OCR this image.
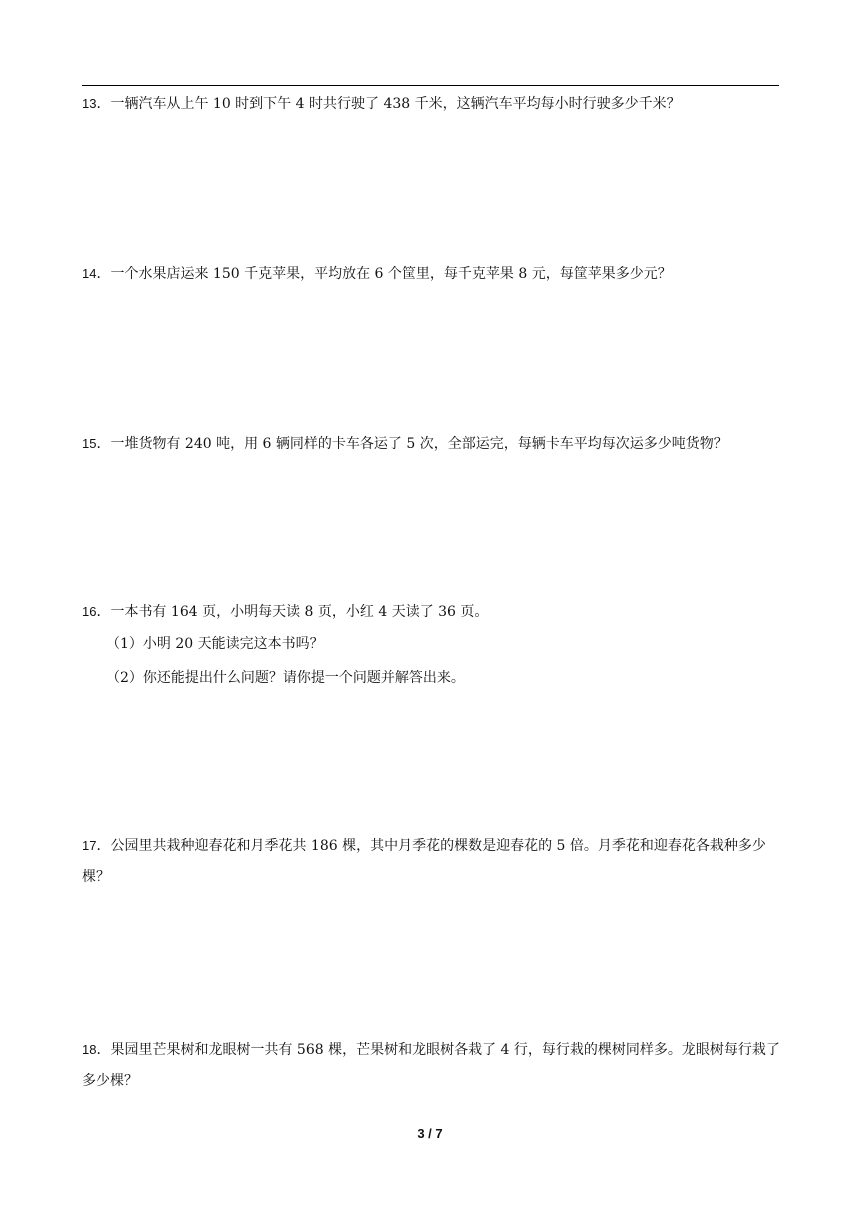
13．一辆汽车从上午 10 时到下午 4 时共行驶了 438 千米，这辆汽车平均每小时行驶多少千米？
14．一个水果店运来 150 千克苹果，平均放在 6 个筐里，每千克苹果 8 元，每筐苹果多少元？
15．一堆货物有 240 吨，用 6 辆同样的卡车各运了 5 次，全部运完，每辆卡车平均每次运多少吨货物？
16．一本书有 164 页，小明每天读 8 页，小红 4 天读了 36 页。
（1）小明 20 天能读完这本书吗？
（2）你还能提出什么问题？请你提一个问题并解答出来。
17．公园里共栽种迎春花和月季花共 186 棵，其中月季花的棵数是迎春花的 5 倍。月季花和迎春花各栽种多少棵？
18．果园里芒果树和龙眼树一共有 568 棵，芒果树和龙眼树各栽了 4 行，每行栽的棵树同样多。龙眼树每行栽了多少棵？
3 / 7
